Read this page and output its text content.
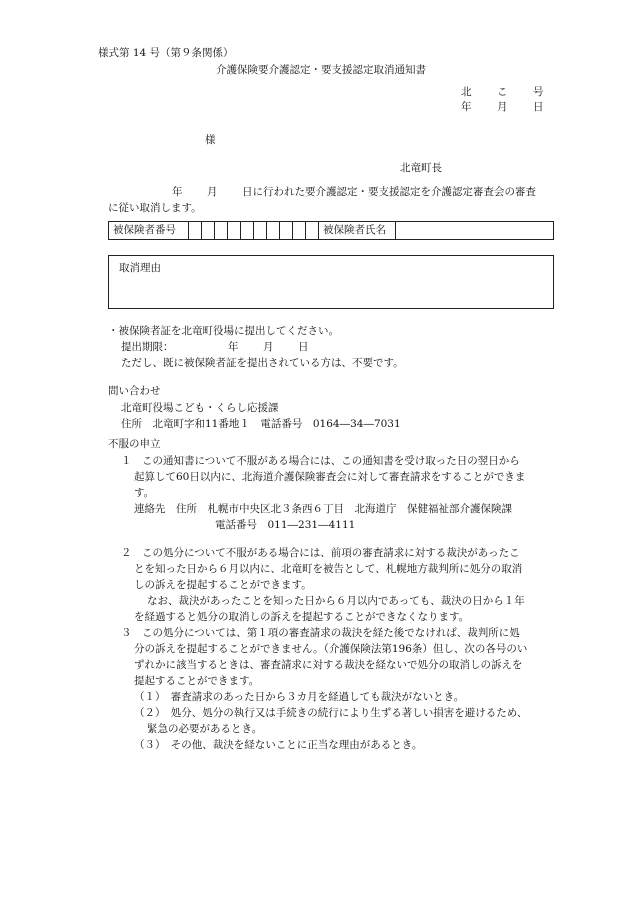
様式第 14 号（第９条関係）
介護保険要介護認定・要支援認定取消通知書
北 こ 号
年 月 日
様
北竜町長
年 月 日に行われた要介護認定・要支援認定を介護認定審査会の審査
に従い取消します。
被保険者番号											被保険者氏名	
取消理由
・被保険者証を北竜町役場に提出してください。
提出期限：	年 月 日
ただし、既に被保険者証を提出されている方は、不要です。
問い合わせ
北竜町役場こども・くらし応援課
住所　北竜町字和11番地１　電話番号　0164―34―7031
不服の申立
１　この通知書について不服がある場合には、この通知書を受け取った日の翌日から
起算して60日以内に、北海道介護保険審査会に対して審査請求をすることができま
す。
連絡先　住所　札幌市中央区北３条西６丁目　北海道庁　保健福祉部介護保険課
電話番号　011―231―4111
２　この処分について不服がある場合には、前項の審査請求に対する裁決があったこ
とを知った日から６月以内に、北竜町を被告として、札幌地方裁判所に処分の取消
しの訴えを提起することができます。
なお、裁決があったことを知った日から６月以内であっても、裁決の日から１年
を経過すると処分の取消しの訴えを提起することができなくなります。
３　この処分については、第１項の審査請求の裁決を経た後でなければ、裁判所に処
分の訴えを提起することができません。（介護保険法第196条）但し、次の各号のい
ずれかに該当するときは、審査請求に対する裁決を経ないで処分の取消しの訴えを
提起することができます。
（１）　審査請求のあった日から３カ月を経過しても裁決がないとき。
（２）　処分、処分の執行又は手続きの続行により生ずる著しい損害を避けるため、
緊急の必要があるとき。
（３）　その他、裁決を経ないことに正当な理由があるとき。
